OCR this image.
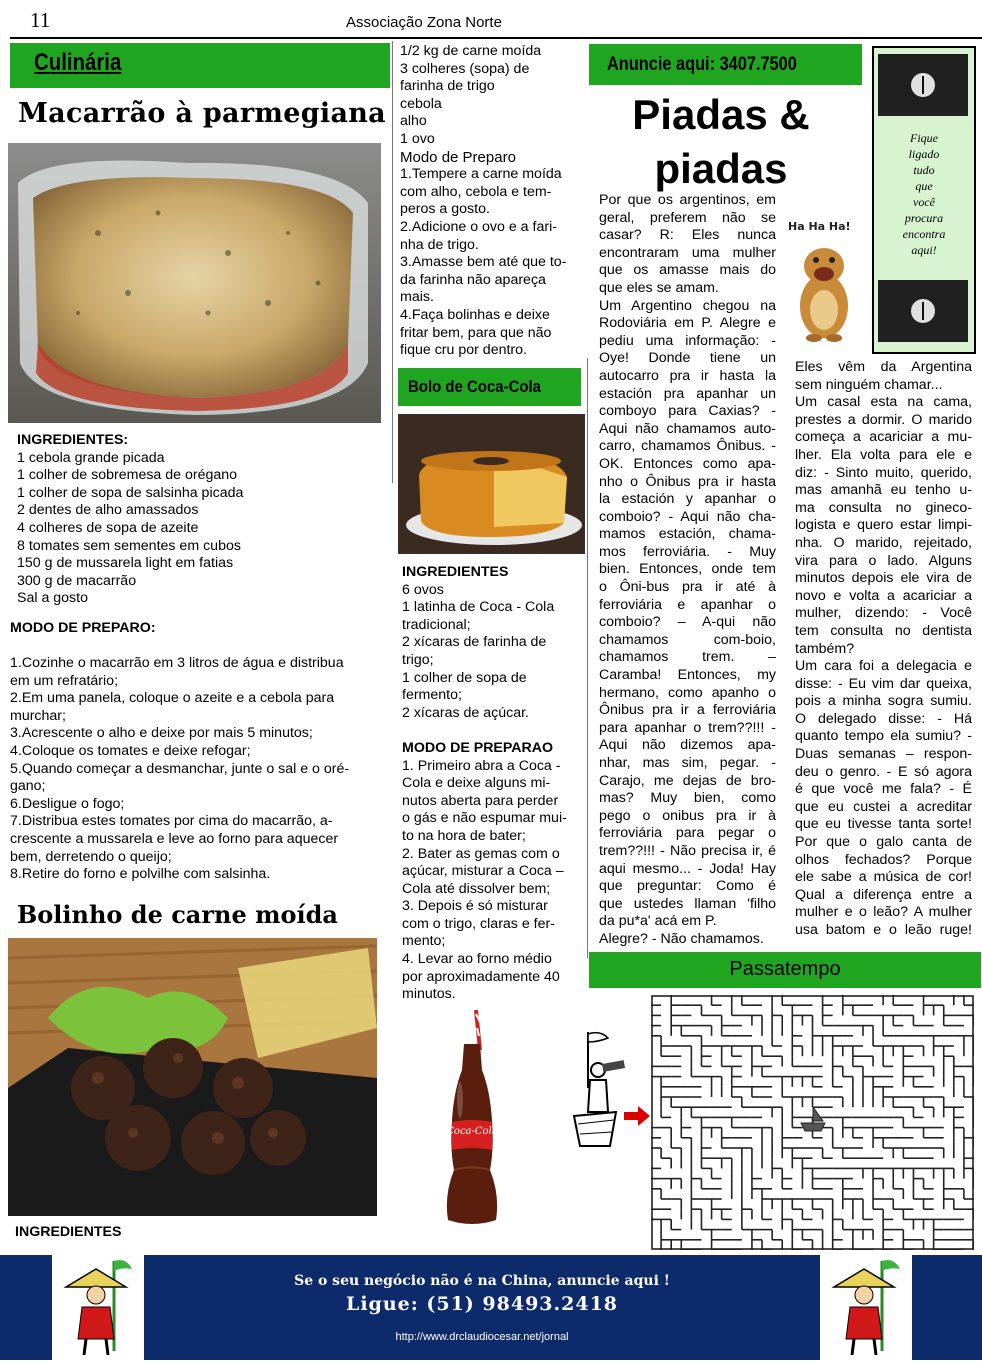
11	Associação Zona Norte
Culinária
Macarrão à parmegiana
INGREDIENTES:
1 cebola grande picada
1 colher de sobremesa de orégano
1 colher de sopa de salsinha picada
2 dentes de alho amassados
4 colheres de sopa de azeite
8 tomates sem sementes em cubos
150 g de mussarela light em fatias
300 g de macarrão
Sal a gosto
MODO DE PREPARO:
1.Cozinhe o macarrão em 3 litros de água e distribua
em um refratário;
2.Em uma panela, coloque o azeite e a cebola para
murchar;
3.Acrescente o alho e deixe por mais 5 minutos;
4.Coloque os tomates e deixe refogar;
5.Quando começar a desmanchar, junte o sal e o oré-
gano;
6.Desligue o fogo;
7.Distribua estes tomates por cima do macarrão, a-
crescente a mussarela e leve ao forno para aquecer
bem, derretendo o queijo;
8.Retire do forno e polvilhe com salsinha.
Bolinho de carne moída
INGREDIENTES
1/2 kg de carne moída
3 colheres (sopa) de
farinha de trigo
cebola
alho
1 ovo
Modo de Preparo
1.Tempere a carne moída
com alho, cebola e tem-
peros a gosto.
2.Adicione o ovo e a fari-
nha de trigo.
3.Amasse bem até que to-
da farinha não apareça
mais.
4.Faça bolinhas e deixe
fritar bem, para que não
fique cru por dentro.
Bolo de Coca-Cola
INGREDIENTES
6 ovos
1 latinha de Coca - Cola
tradicional;
2 xícaras de farinha de
trigo;
1 colher de sopa de
fermento;
2 xícaras de açúcar.
MODO DE PREPARAO
1. Primeiro abra a Coca -
Cola e deixe alguns mi-
nutos aberta para perder
o gás e não espumar mui-
to na hora de bater;
2. Bater as gemas com o
açúcar, misturar a Coca –
Cola até dissolver bem;
3. Depois é só misturar
com o trigo, claras e fer-
mento;
4. Levar ao forno médio
por aproximadamente 40
minutos.
Coca-Cola
Anuncie aqui: 3407.7500
Piadas &
piadas
Fique
ligado
tudo
que
você
procura
encontra
aqui!
Ha Ha Ha!
Por que os argentinos, em
geral, preferem não se
casar? R: Eles nunca
encontraram uma mulher
que os amasse mais do
que eles se amam.
Um Argentino chegou na
Rodoviária em P. Alegre e
pediu uma informação: -
Oye! Donde tiene un
autocarro pra ir hasta la
estación pra apanhar un
comboyo para Caxias? -
Aqui não chamamos auto-
carro, chamamos Ônibus. -
OK. Entonces como apa-
nho o Ônibus pra ir hasta
la estación y apanhar o
comboio? - Aqui não cha-
mamos estación, chama-
mos ferroviária. - Muy
bien. Entonces, onde tem
o Ôni-bus pra ir até à
ferroviária e apanhar o
comboio? – A-qui não
chamamos com-boio,
chamamos trem. –
Caramba! Entonces, my
hermano, como apanho o
Ônibus pra ir a ferroviária
para apanhar o trem??!!! -
Aqui não dizemos apa-
nhar, mas sim, pegar. -
Carajo, me dejas de bro-
mas? Muy bien, como
pego o onibus pra ir à
ferroviária para pegar o
trem??!!! - Não precisa ir, é
aqui mesmo... - Joda! Hay
que preguntar: Como é
que ustedes llaman 'filho
da pu*a' acá em P.
Alegre? - Não chamamos.
Eles vêm da Argentina
sem ninguém chamar...
Um casal esta na cama,
prestes a dormir. O marido
começa a acariciar a mu-
lher. Ela volta para ele e
diz: - Sinto muito, querido,
mas amanhã eu tenho u-
ma consulta no gineco-
logista e quero estar limpi-
nha. O marido, rejeitado,
vira para o lado. Alguns
minutos depois ele vira de
novo e volta a acariciar a
mulher, dizendo: - Você
tem consulta no dentista
também?
Um cara foi a delegacia e
disse: - Eu vim dar queixa,
pois a minha sogra sumiu.
O delegado disse: - Há
quanto tempo ela sumiu? -
Duas semanas – respon-
deu o genro. - E só agora
é que você me fala? - É
que eu custei a acreditar
que eu tivesse tanta sorte!
Por que o galo canta de
olhos fechados? Porque
ele sabe a música de cor!
Qual a diferença entre a
mulher e o leão? A mulher
usa batom e o leão ruge!
Passatempo
Se o seu negócio não é na China, anuncie aqui !
Ligue: (51) 98493.2418
http://www.drclaudiocesar.net/jornal
